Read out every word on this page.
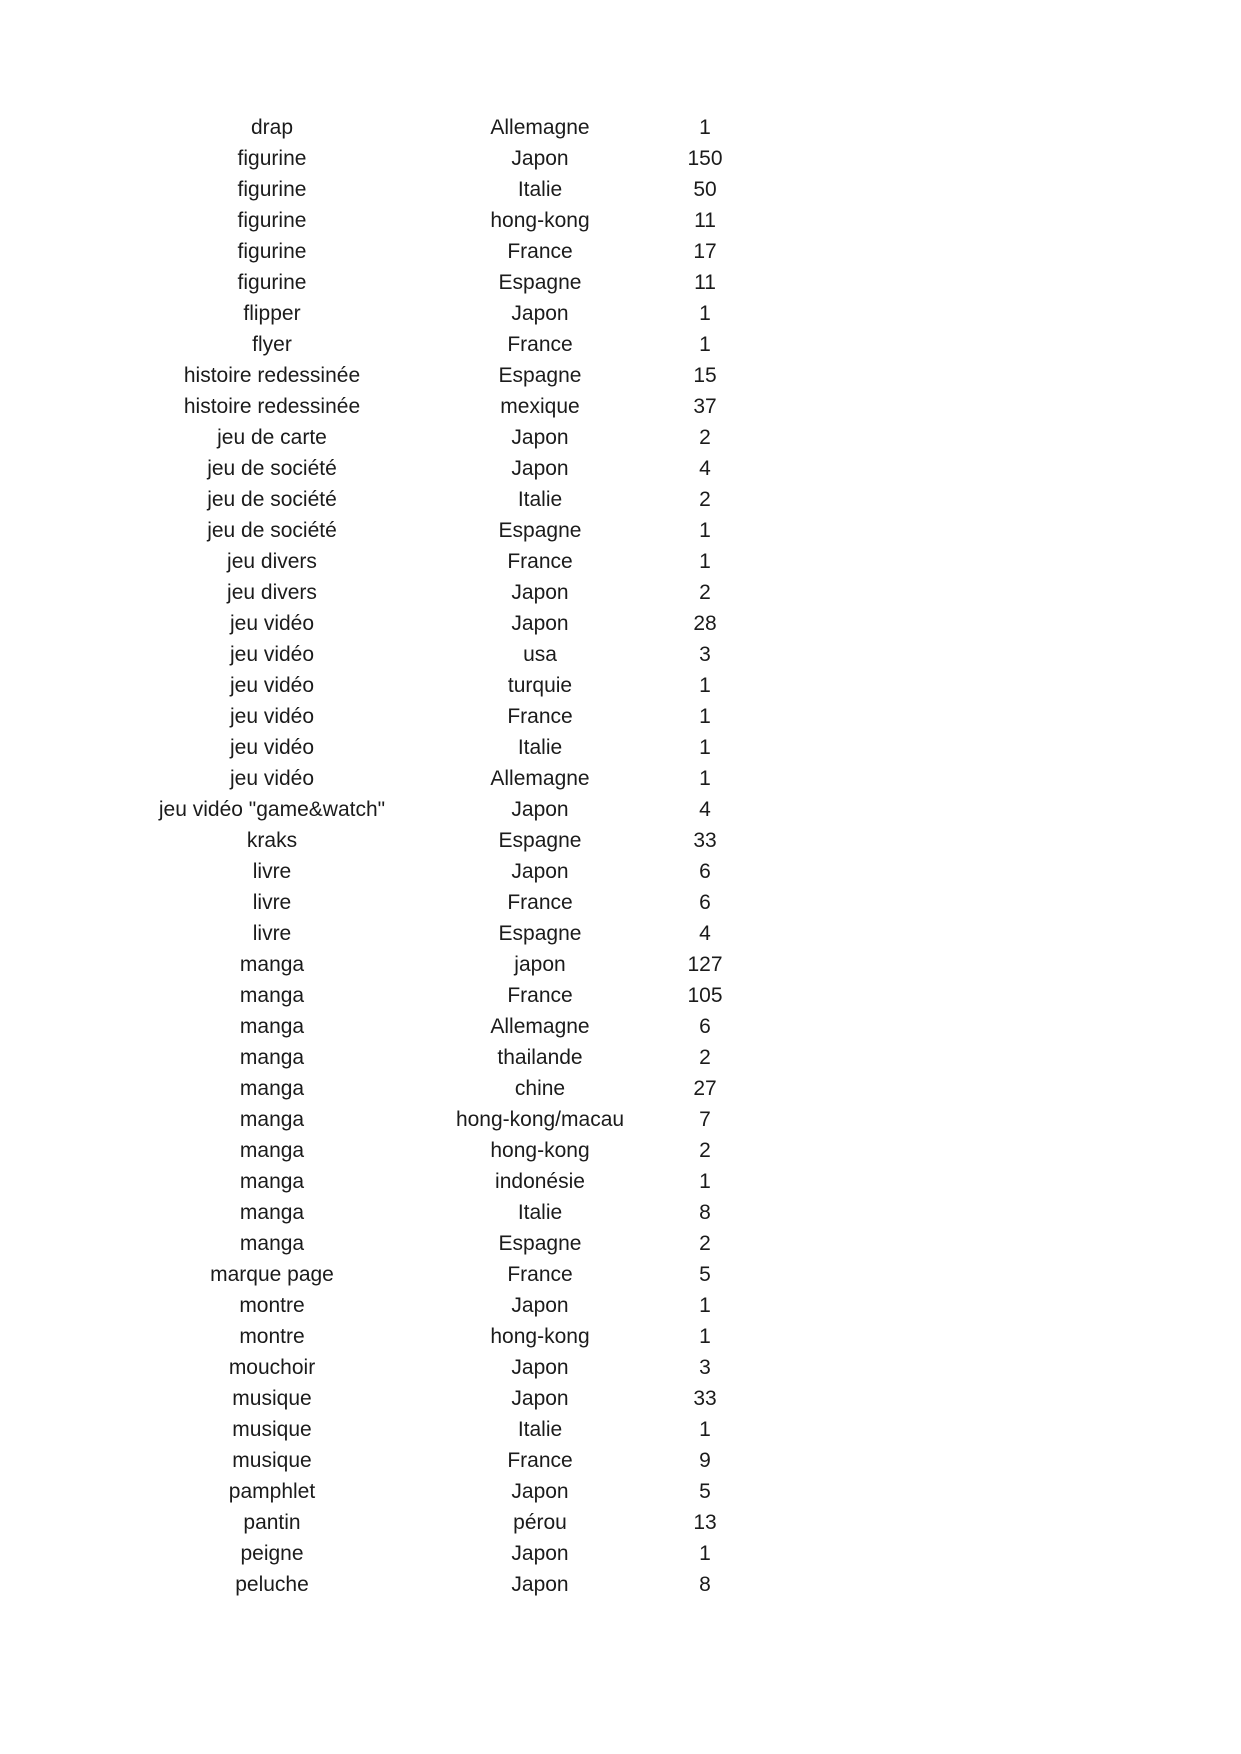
drap	Allemagne	1
figurine	Japon	150
figurine	Italie	50
figurine	hong-kong	11
figurine	France	17
figurine	Espagne	11
flipper	Japon	1
flyer	France	1
histoire redessinée	Espagne	15
histoire redessinée	mexique	37
jeu de carte	Japon	2
jeu de société	Japon	4
jeu de société	Italie	2
jeu de société	Espagne	1
jeu divers	France	1
jeu divers	Japon	2
jeu vidéo	Japon	28
jeu vidéo	usa	3
jeu vidéo	turquie	1
jeu vidéo	France	1
jeu vidéo	Italie	1
jeu vidéo	Allemagne	1
jeu vidéo "game&watch"	Japon	4
kraks	Espagne	33
livre	Japon	6
livre	France	6
livre	Espagne	4
manga	japon	127
manga	France	105
manga	Allemagne	6
manga	thailande	2
manga	chine	27
manga	hong-kong/macau	7
manga	hong-kong	2
manga	indonésie	1
manga	Italie	8
manga	Espagne	2
marque page	France	5
montre	Japon	1
montre	hong-kong	1
mouchoir	Japon	3
musique	Japon	33
musique	Italie	1
musique	France	9
pamphlet	Japon	5
pantin	pérou	13
peigne	Japon	1
peluche	Japon	8
